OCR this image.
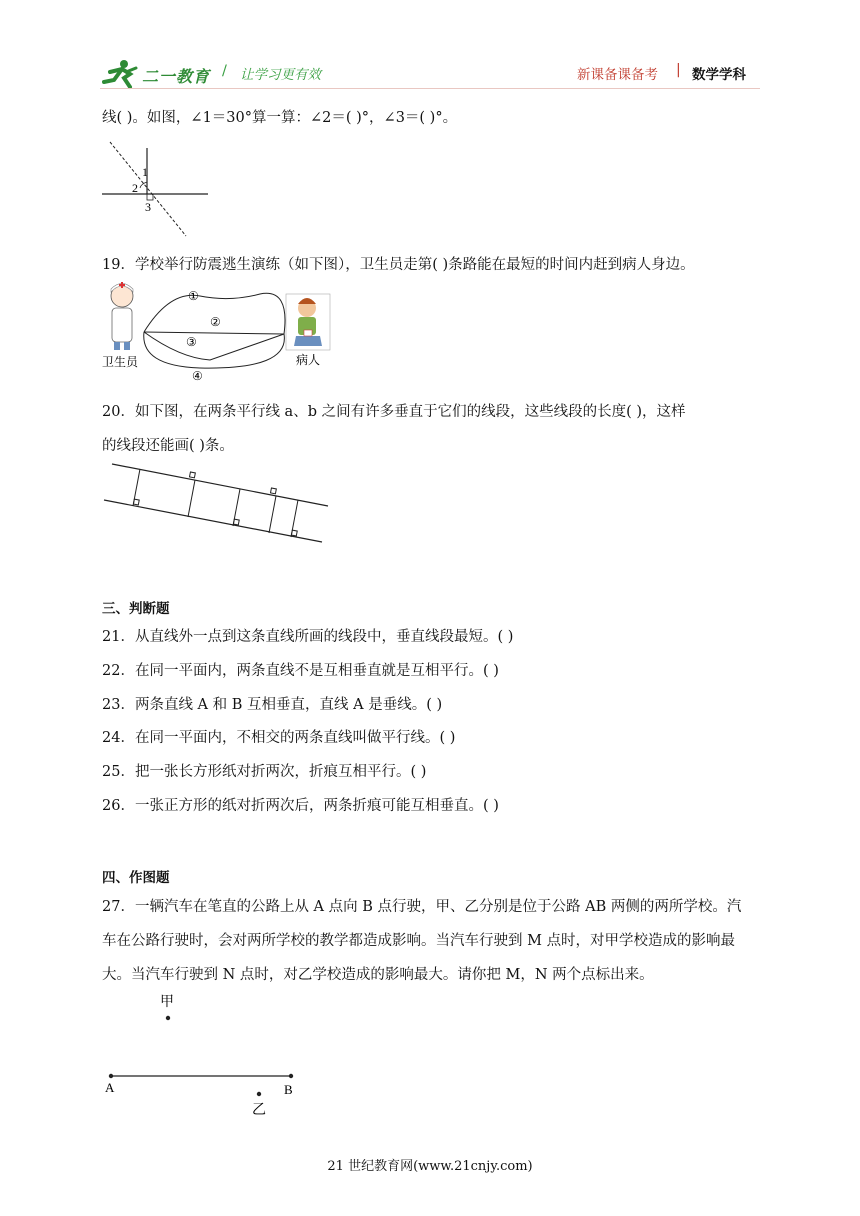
二一教育 / 让学习更有效	新课备课备考 | 数学学科
线( )。如图，∠1＝30°算一算：∠2＝( )°，∠3＝( )°。
1
2
3
19．学校举行防震逃生演练（如下图），卫生员走第( )条路能在最短的时间内赶到病人身边。
卫生员
①
②
③
④
病人
20．如下图，在两条平行线 a、b 之间有许多垂直于它们的线段，这些线段的长度( )，这样
的线段还能画( )条。
三、判断题
21．从直线外一点到这条直线所画的线段中，垂直线段最短。( )
22．在同一平面内，两条直线不是互相垂直就是互相平行。( )
23．两条直线 A 和 B 互相垂直，直线 A 是垂线。( )
24．在同一平面内，不相交的两条直线叫做平行线。( )
25．把一张长方形纸对折两次，折痕互相平行。( )
26．一张正方形的纸对折两次后，两条折痕可能互相垂直。( )
四、作图题
27．一辆汽车在笔直的公路上从 A 点向 B 点行驶，甲、乙分别是位于公路 AB 两侧的两所学校。汽
车在公路行驶时，会对两所学校的教学都造成影响。当汽车行驶到 M 点时，对甲学校造成的影响最
大。当汽车行驶到 N 点时，对乙学校造成的影响最大。请你把 M，N 两个点标出来。
甲
A	B
乙
21 世纪教育网(www.21cnjy.com)
